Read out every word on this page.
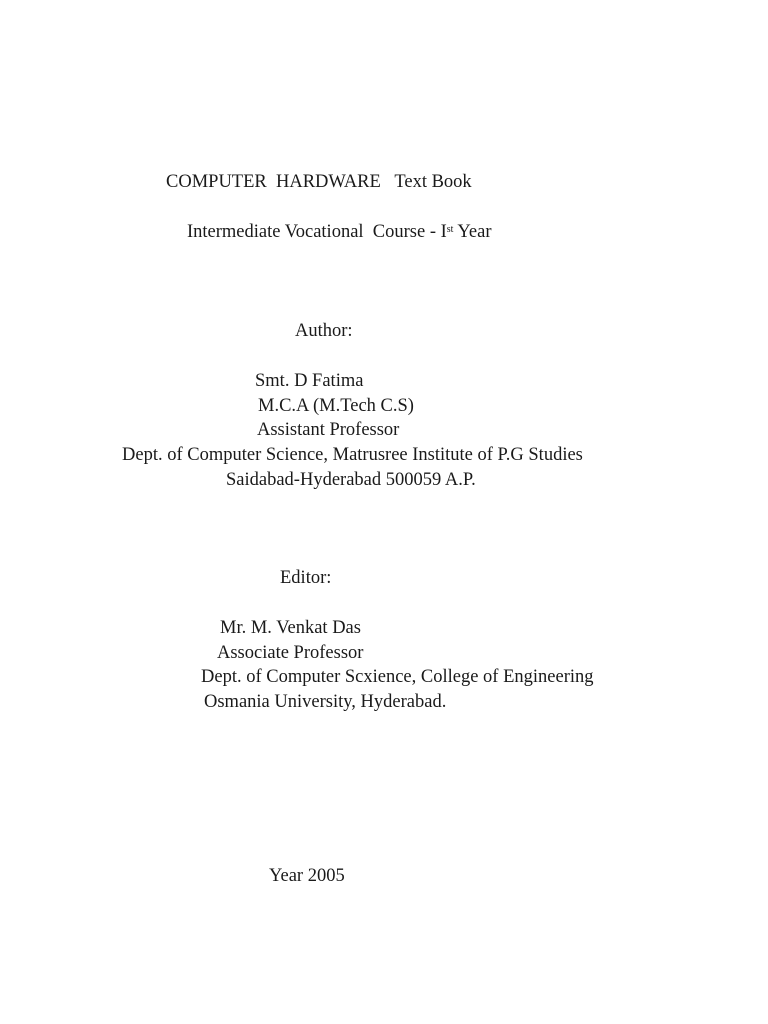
COMPUTER  HARDWARE   Text Book
Intermediate Vocational  Course - Ist Year
Author:
Smt. D Fatima
M.C.A (M.Tech C.S)
Assistant Professor
Dept. of Computer Science, Matrusree Institute of P.G Studies
Saidabad-Hyderabad 500059 A.P.
Editor:
Mr. M. Venkat Das
Associate Professor
Dept. of Computer Scxience, College of Engineering
Osmania University, Hyderabad.
Year 2005
